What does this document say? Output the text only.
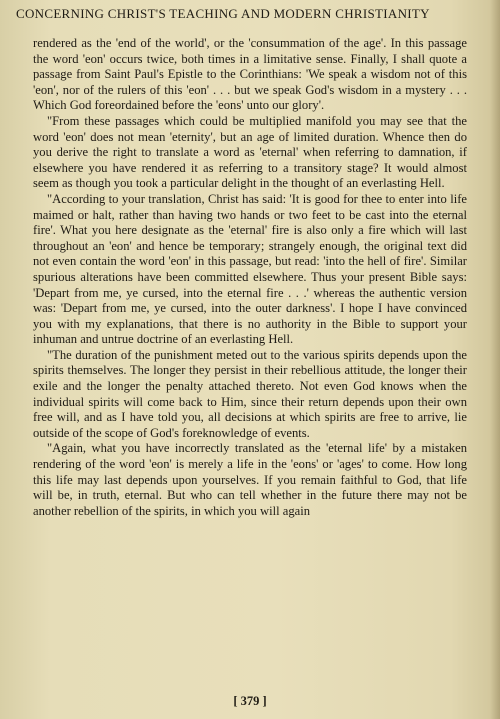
CONCERNING CHRIST'S TEACHING AND MODERN CHRISTIANITY

rendered as the 'end of the world', or the 'consummation of the age'. In this passage the word 'eon' occurs twice, both times in a limitative sense. Finally, I shall quote a passage from Saint Paul's Epistle to the Corinthians: 'We speak a wisdom not of this 'eon', nor of the rulers of this 'eon' . . . but we speak God's wisdom in a mystery . . . Which God foreordained before the 'eons' unto our glory'.

"From these passages which could be multiplied manifold you may see that the word 'eon' does not mean 'eternity', but an age of limited duration. Whence then do you derive the right to translate a word as 'eternal' when referring to damnation, if elsewhere you have rendered it as referring to a transitory stage? It would almost seem as though you took a particular delight in the thought of an everlasting Hell.

"According to your translation, Christ has said: 'It is good for thee to enter into life maimed or halt, rather than having two hands or two feet to be cast into the eternal fire'. What you here designate as the 'eternal' fire is also only a fire which will last throughout an 'eon' and hence be temporary; strangely enough, the original text did not even contain the word 'eon' in this passage, but read: 'into the hell of fire'. Similar spurious alterations have been committed elsewhere. Thus your present Bible says: 'Depart from me, ye cursed, into the eternal fire . . .' whereas the authentic version was: 'Depart from me, ye cursed, into the outer darkness'. I hope I have convinced you with my explanations, that there is no authority in the Bible to support your inhuman and untrue doctrine of an everlasting Hell.

"The duration of the punishment meted out to the various spirits depends upon the spirits themselves. The longer they persist in their rebellious attitude, the longer their exile and the longer the penalty attached thereto. Not even God knows when the individual spirits will come back to Him, since their return depends upon their own free will, and as I have told you, all decisions at which spirits are free to arrive, lie outside of the scope of God's foreknowledge of events.

"Again, what you have incorrectly translated as the 'eternal life' by a mistaken rendering of the word 'eon' is merely a life in the 'eons' or 'ages' to come. How long this life may last depends upon yourselves. If you remain faithful to God, that life will be, in truth, eternal. But who can tell whether in the future there may not be another rebellion of the spirits, in which you will again

[ 379 ]
